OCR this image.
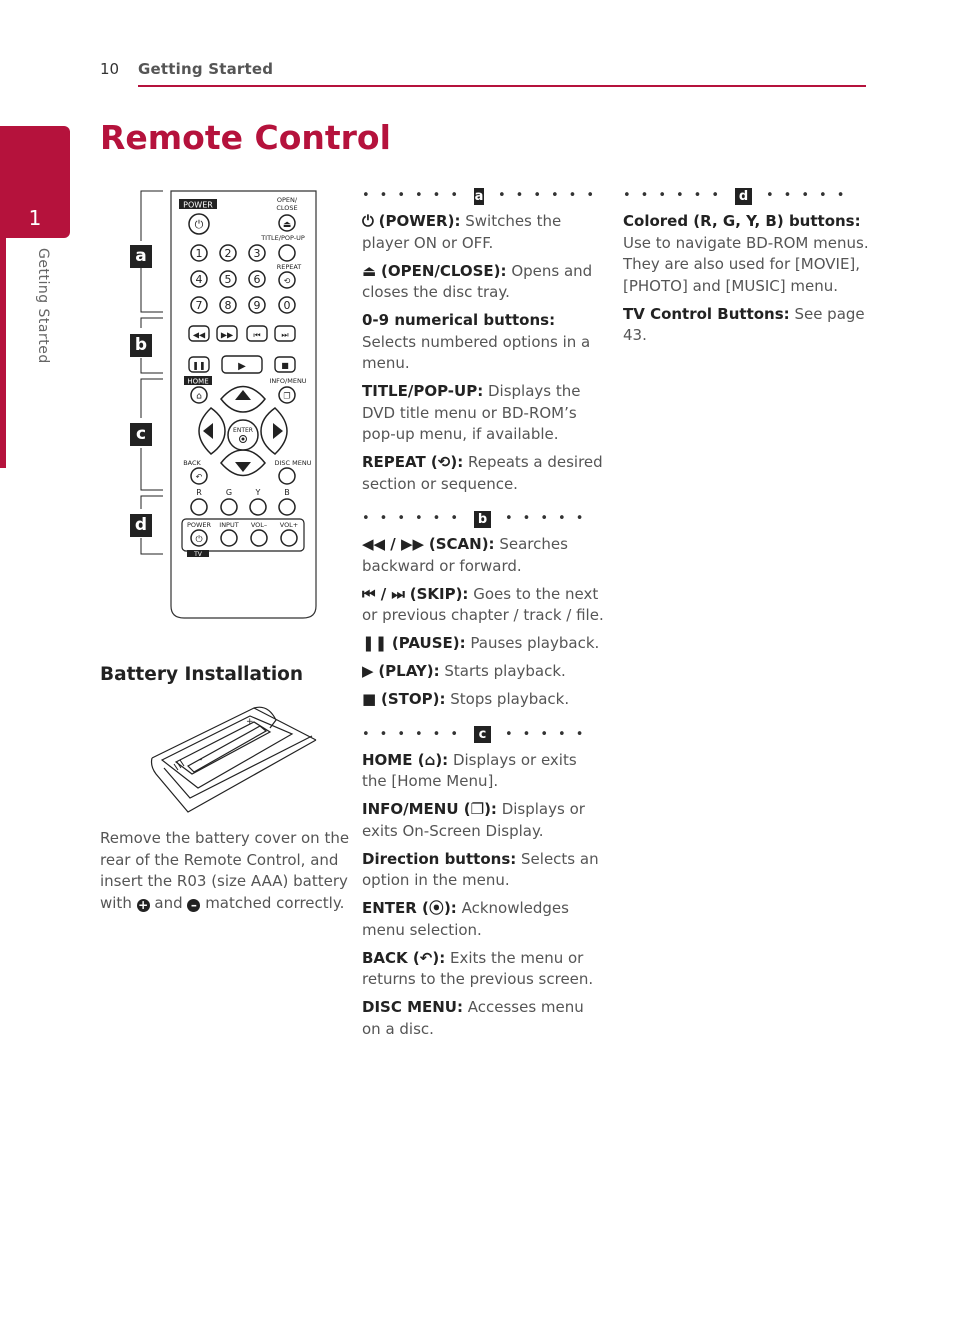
10 Getting Started
1
Getting Started
Remote Control
POWER
⏻
OPEN/
CLOSE
⏏
TITLE/POP-UP
1 2 3
4 5 6
7 8 9 0
REPEAT
⟲
◀◀ ▶▶	⏮	⏭
❚❚	▶	■
HOME
⌂
INFO/MENU
❐
ENTER
BACK
↶
DISC MENU
R	G	Y	B
POWER INPUT VOL– VOL+
⏻
TV
a
b
c
d
Battery Installation
+
–

Remove the battery cover on the rear of the Remote Control, and insert the R03 (size AAA) battery with + and – matched correctly.

•••••• a ••••••

⏻ (POWER): Switches the player ON or OFF.

⏏ (OPEN/CLOSE): Opens and closes the disc tray.

0-9 numerical buttons: Selects numbered options in a menu.

TITLE/POP-UP: Displays the DVD title menu or BD-ROM’s pop-up menu, if available.

REPEAT (⟲): Repeats a desired section or sequence.

•••••• b •••••

◀◀ / ▶▶ (SCAN): Searches backward or forward.

⏮ / ⏭ (SKIP): Goes to the next or previous chapter / track / file.

❚❚ (PAUSE): Pauses playback.

▶ (PLAY): Starts playback.

■ (STOP): Stops playback.

•••••• c	•••••

HOME (⌂): Displays or exits the [Home Menu].

INFO/MENU (❐): Displays or exits On-Screen Display.

Direction buttons: Selects an option in the menu.

ENTER (⦿): Acknowledges menu selection.

BACK (↶): Exits the menu or returns to the previous screen.

DISC MENU: Accesses menu on a disc.

•••••• d •••••

Colored (R, G, Y, B) buttons: Use to navigate BD-ROM menus. They are also used for [MOVIE], [PHOTO] and [MUSIC] menu.

TV Control Buttons: See page 43.
